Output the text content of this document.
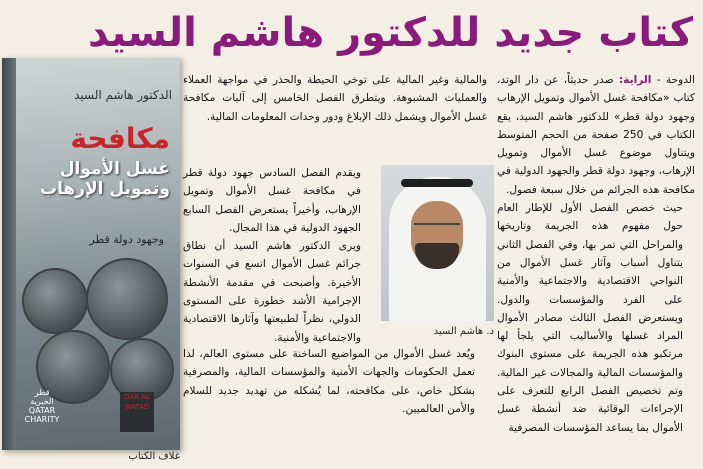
كتاب جديد للدكتور هاشم السيد

الدوحة - الراية: صدر حديثاً، عن دار الوتد، كتاب «مكافحة غسل الأموال وتمويل الإرهاب وجهود دولة قطر» للدكتور هاشم السيد، يقع الكتاب في 250 صفحة من الحجم المتوسط ويتناول موضوع غسل الأموال وتمويل الإرهاب، وجهود دولة قطر والجهود الدولية في مكافحة هذه الجرائم من خلال سبعة فصول.

حيث خصص الفصل الأول للإطار العام حول مفهوم هذه الجريمة وتاريخها والمراحل التي تمر بها، وفي الفصل الثاني يتناول أسباب وآثار غسل الأموال من النواحي الاقتصادية والاجتماعية والأمنية على الفرد والمؤسسات والدول. ويستعرض الفصل الثالث مصادر الأموال المراد غسلها والأساليب التي يلجأ لها مرتكبو هذه الجريمة على مستوى البنوك والمؤسسات المالية والمجالات غير المالية. وتم تخصيص الفصل الرابع للتعرف على الإجراءات الوقائية ضد أنشطة غسل الأموال بما يساعد المؤسسات المصرفية

والمالية وغير المالية على توخي الحيطة والحذر في مواجهة العملاء والعمليات المشبوهة. ويتطرق الفصل الخامس إلى آليات مكافحة غسل الأموال ويشمل ذلك الإبلاغ ودور وحدات المعلومات المالية.

ويقدم الفصل السادس جهود دولة قطر في مكافحة غسل الأموال وتمويل الإرهاب، وأخيراً يستعرض الفصل السابع الجهود الدولية في هذا المجال.

ويرى الدكتور هاشم السيد أن نطاق جرائم غسل الأموال اتسع في السنوات الأخيرة. وأصبحت في مقدمة الأنشطة الإجرامية الأشد خطورة على المستوى الدولي، نظراً لطبيعتها وآثارها الاقتصادية والاجتماعية والأمنية.

ويُعد غسل الأموال من المواضيع الساخنة على مستوى العالم، لذا تعمل الحكومات والجهات الأمنية والمؤسسات المالية، والمصرفية بشكل خاص، على مكافحته، لما يُشكله من تهديد جديد للسلام والأمن العالميين.

د. هاشم السيد
الدكتور هاشم السيد
مكافحة
غسل الأموال
وتمويل الإرهاب
وجهود دولة قطر
قطر الخيرية QATAR CHARITY
DAR AL WATAD
غلاف الكتاب
